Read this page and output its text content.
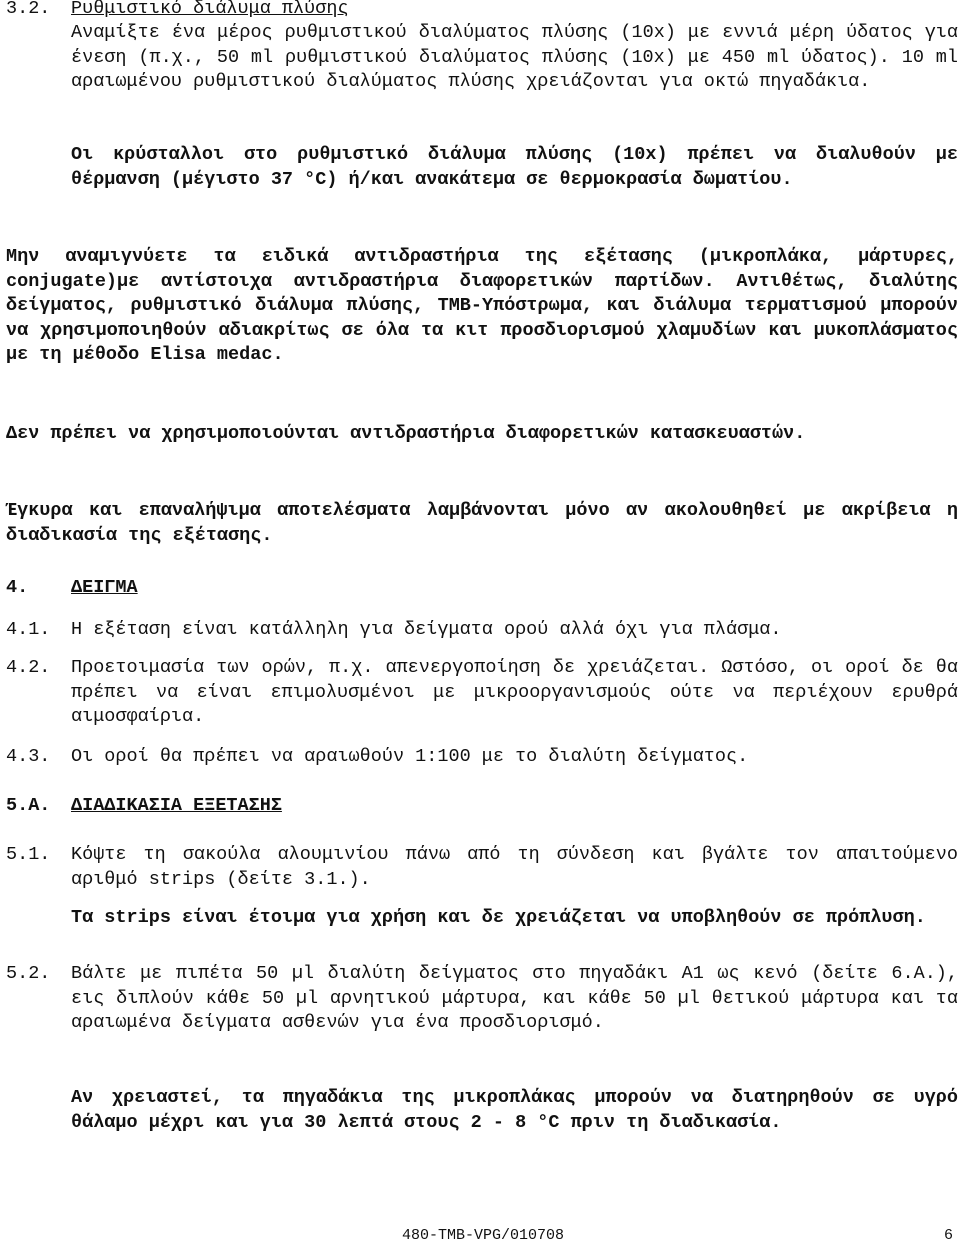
3.2. Ρυθμιστικό διάλυμα πλύσης

Αναμίξτε ένα μέρος ρυθμιστικού διαλύματος πλύσης (10x) με εννιά μέρη ύδατος για ένεση (π.χ., 50 ml ρυθμιστικού διαλύματος πλύσης (10x) με 450 ml ύδατος). 10 ml αραιωμένου ρυθμιστικού διαλύματος πλύσης χρειάζονται για οκτώ πηγαδάκια.

Οι κρύσταλλοι στο ρυθμιστικό διάλυμα πλύσης (10x) πρέπει να διαλυθούν με θέρμανση (μέγιστο 37 °C) ή/και ανακάτεμα σε θερμοκρασία δωματίου.

Μην αναμιγνύετε τα ειδικά αντιδραστήρια της εξέτασης (μικροπλάκα, μάρτυρες, conjugate)με αντίστοιχα αντιδραστήρια διαφορετικών παρτίδων. Αντιθέτως, διαλύτης δείγματος, ρυθμιστικό διάλυμα πλύσης, TMB-Υπόστρωμα, και διάλυμα τερματισμού μπορούν να χρησιμοποιηθούν αδιακρίτως σε όλα τα κιτ προσδιορισμού χλαμυδίων και μυκοπλάσματος με τη μέθοδο Elisa medac.

Δεν πρέπει να χρησιμοποιούνται αντιδραστήρια διαφορετικών κατασκευαστών.

Έγκυρα και επαναλήψιμα αποτελέσματα λαμβάνονται μόνο αν ακολουθηθεί με ακρίβεια η διαδικασία της εξέτασης.

4. ΔΕΙΓΜΑ

4.1. Η εξέταση είναι κατάλληλη για δείγματα ορού αλλά όχι για πλάσμα.

4.2. Προετοιμασία των ορών, π.χ. απενεργοποίηση δε χρειάζεται. Ωστόσο, οι οροί δε θα πρέπει να είναι επιμολυσμένοι με μικροοργανισμούς ούτε να περιέχουν ερυθρά αιμοσφαίρια.

4.3. Οι οροί θα πρέπει να αραιωθούν 1:100 με το διαλύτη δείγματος.

5.A. ΔΙΑΔΙΚΑΣΙΑ ΕΞΕΤΑΣΗΣ

5.1. Κόψτε τη σακούλα αλουμινίου πάνω από τη σύνδεση και βγάλτε τον απαιτούμενο αριθμό strips (δείτε 3.1.).

Τα strips είναι έτοιμα για χρήση και δε χρειάζεται να υποβληθούν σε πρόπλυση.

5.2. Βάλτε με πιπέτα 50 µl διαλύτη δείγματος στο πηγαδάκι A1 ως κενό (δείτε 6.A.), εις διπλούν κάθε 50 µl αρνητικού μάρτυρα, και κάθε 50 µl θετικού μάρτυρα και τα αραιωμένα δείγματα ασθενών για ένα προσδιορισμό.

Αν χρειαστεί, τα πηγαδάκια της μικροπλάκας μπορούν να διατηρηθούν σε υγρό θάλαμο μέχρι και για 30 λεπτά στους 2 - 8 °C πριν τη διαδικασία.

480-TMB-VPG/010708	6
